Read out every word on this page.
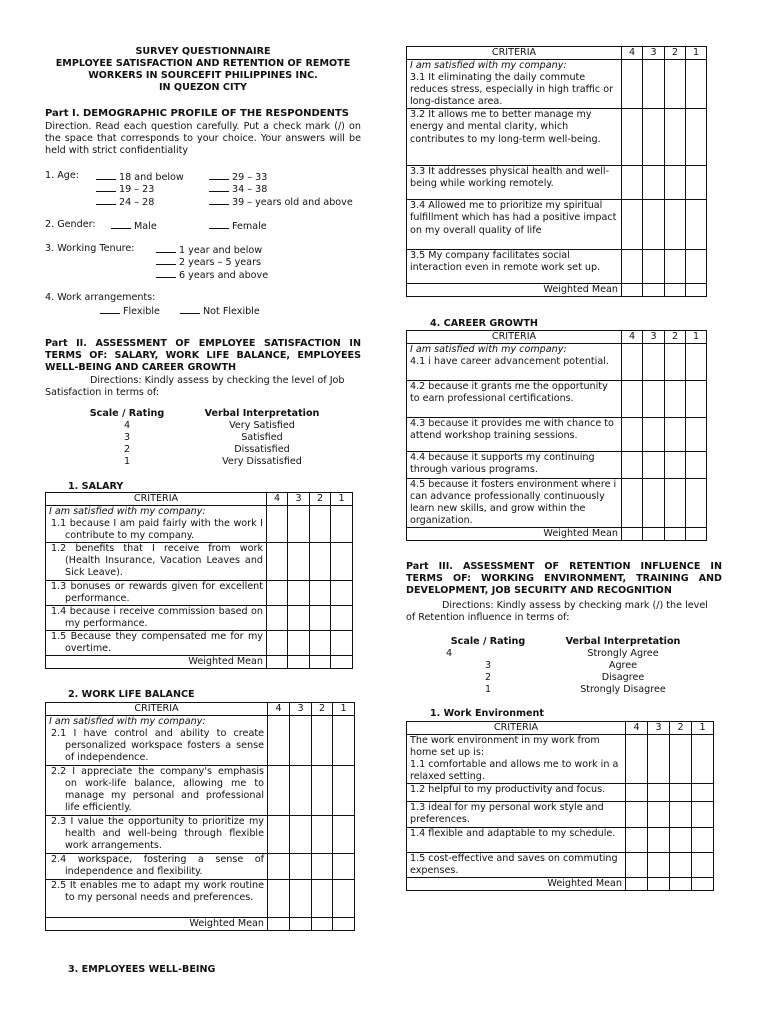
SURVEY QUESTIONNAIRE

EMPLOYEE SATISFACTION AND RETENTION OF REMOTE

WORKERS IN SOURCEFIT PHILIPPINES INC.

IN QUEZON CITY

Part I. DEMOGRAPHIC PROFILE OF THE RESPONDENTS

Direction. Read each question carefully. Put a check mark (/) on the space that corresponds to your choice. Your answers will be held with strict confidentiality

1. Age:	18 and below
19 – 23
24 – 28
29 – 33
34 – 38
39 – years old and above
2. Gender:	Male	Female
3. Working Tenure:	1 year and below
2 years – 5 years
6 years and above
4. Work arrangements:
Flexible	Not Flexible

Part II. ASSESSMENT OF EMPLOYEE SATISFACTION IN

TERMS OF: SALARY, WORK LIFE BALANCE, EMPLOYEES

WELL-BEING AND CAREER GROWTH

Directions: Kindly assess by checking the level of Job

Satisfaction in terms of:

Scale / Rating	Verbal Interpretation
4	Very Satisfied
3	Satisfied
2	Dissatisfied
1	Very Dissatisfied
1. SALARY
CRITERIA	4	3	2	1

I am satisfied with my company:
1.1 because I am paid fairly with the work I contribute to my company.				

1.2 benefits that I receive from work (Health Insurance, Vacation Leaves and Sick Leave).				

1.3 bonuses or rewards given for excellent performance.				

1.4 because i receive commission based on my performance.				

1.5 Because they compensated me for my overtime.				

Weighted Mean				
2. WORK LIFE BALANCE
CRITERIA	4	3	2	1

I am satisfied with my company:
2.1 I have control and ability to create personalized workspace fosters a sense of independence.				

2.2 I appreciate the company's emphasis on work-life balance, allowing me to manage my personal and professional life efficiently.				

2.3 I value the opportunity to prioritize my health and well-being through flexible work arrangements.				

2.4 workspace, fostering a sense of independence and flexibility.				

2.5 It enables me to adapt my work routine to my personal needs and preferences.				

Weighted Mean				
3. EMPLOYEES WELL-BEING
CRITERIA	4	3	2	1

I am satisfied with my company:
3.1 It eliminating the daily commute reduces stress, especially in high traffic or long-distance area.				

3.2 It allows me to better manage my energy and mental clarity, which contributes to my long-term well-being.				

3.3 It addresses physical health and well-being while working remotely.				

3.4 Allowed me to prioritize my spiritual fulfillment which has had a positive impact on my overall quality of life				

3.5 My company facilitates social interaction even in remote work set up.				

Weighted Mean				
4. CAREER GROWTH
CRITERIA	4	3	2	1

I am satisfied with my company:
4.1 i have career advancement potential.				

4.2 because it grants me the opportunity to earn professional certifications.				

4.3 because it provides me with chance to attend workshop training sessions.				

4.4 because it supports my continuing through various programs.				

4.5 because it fosters environment where i can advance professionally continuously learn new skills, and grow within the organization.				

Weighted Mean				

Part III. ASSESSMENT OF RETENTION INFLUENCE IN

TERMS OF: WORKING ENVIRONMENT, TRAINING AND

DEVELOPMENT, JOB SECURITY AND RECOGNITION

Directions: Kindly assess by checking mark (/) the level

of Retention influence in terms of:

Scale / Rating	Verbal Interpretation
4	Strongly Agree
3	Agree
2	Disagree
1	Strongly Disagree
1. Work Environment
CRITERIA	4	3	2	1

The work environment in my work from home set up is:
1.1 comfortable and allows me to work in a relaxed setting.				

1.2 helpful to my productivity and focus.				

1.3 ideal for my personal work style and preferences.				

1.4 flexible and adaptable to my schedule.				

1.5 cost-effective and saves on commuting expenses.				

Weighted Mean				
